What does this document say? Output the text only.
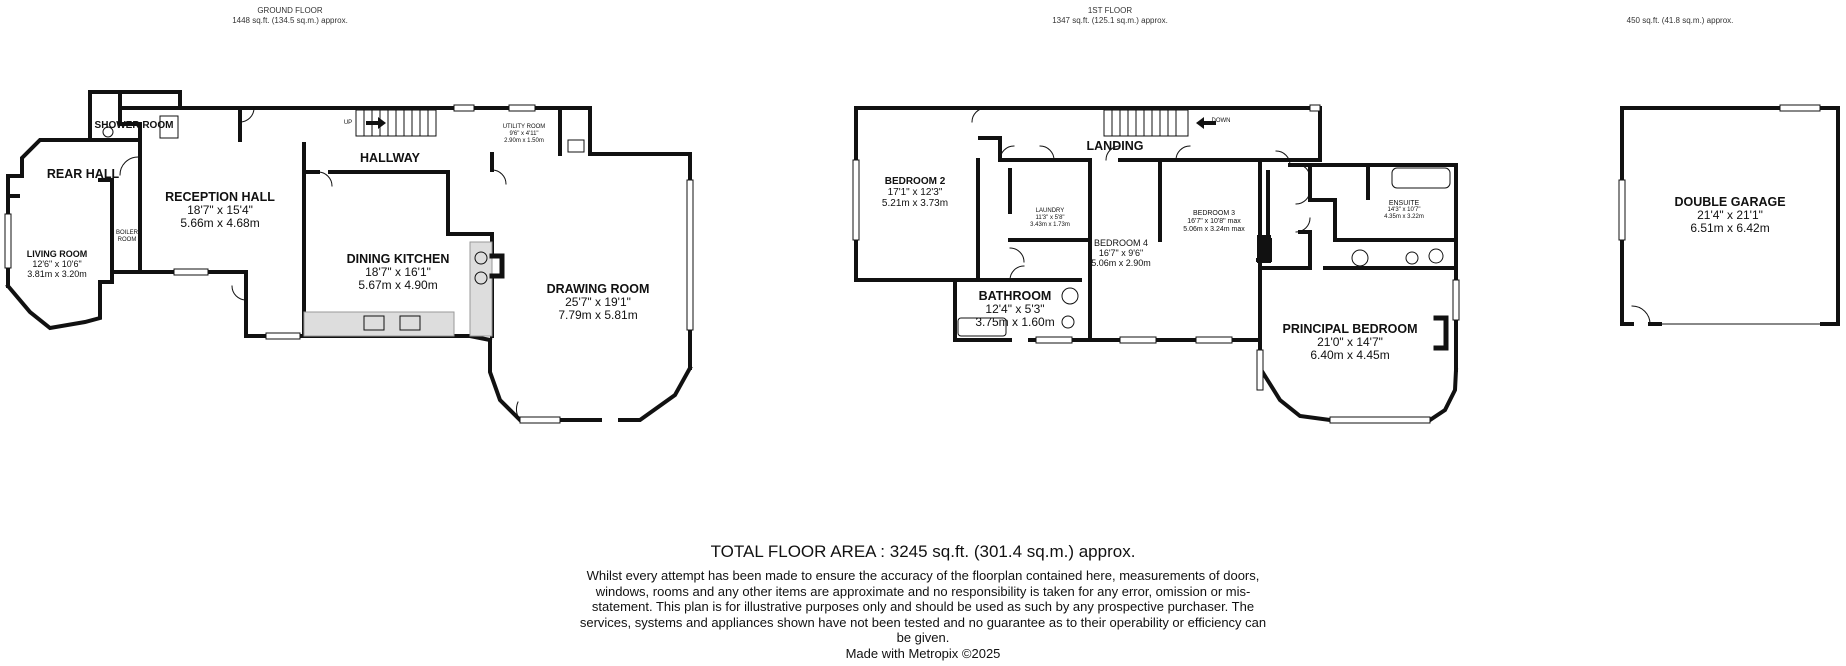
GROUND FLOOR
1448 sq.ft. (134.5 sq.m.) approx.
1ST FLOOR
1347 sq.ft. (125.1 sq.m.) approx.	450 sq.ft. (41.8 sq.m.) approx.
SHOWER ROOM
REAR HALL
RECEPTION HALL
18'7" x 15'4"
5.66m x 4.68m
LIVING ROOM
12'6" x 10'6"
3.81m x 3.20m
BOILER ROOM
HALLWAY
UTILITY ROOM
9'6" x 4'11"
2.90m x 1.50m
DINING KITCHEN
18'7" x 16'1"
5.67m x 4.90m	DRAWING ROOM
25'7" x 19'1"
7.79m x 5.81m
UP	DOWN
BEDROOM 2
17'1" x 12'3"
5.21m x 3.73m
LANDING
LAUNDRY
11'3" x 5'8"
3.43m x 1.73m
BEDROOM 4
16'7" x 9'6"
5.06m x 2.90m
BEDROOM 3
16'7" x 10'8" max
5.06m x 3.24m max
ENSUITE
14'3" x 10'7"
4.35m x 3.22m
BATHROOM
12'4" x 5'3"
3.75m x 1.60m	PRINCIPAL BEDROOM
21'0" x 14'7"
6.40m x 4.45m
DOUBLE GARAGE
21'4" x 21'1"
6.51m x 6.42m
TOTAL FLOOR AREA : 3245 sq.ft. (301.4 sq.m.) approx.
Whilst every attempt has been made to ensure the accuracy of the floorplan contained here, measurements of doors, windows, rooms and any other items are approximate and no responsibility is taken for any error, omission or mis-statement. This plan is for illustrative purposes only and should be used as such by any prospective purchaser. The services, systems and appliances shown have not been tested and no guarantee as to their operability or efficiency can be given.
Made with Metropix ©2025
